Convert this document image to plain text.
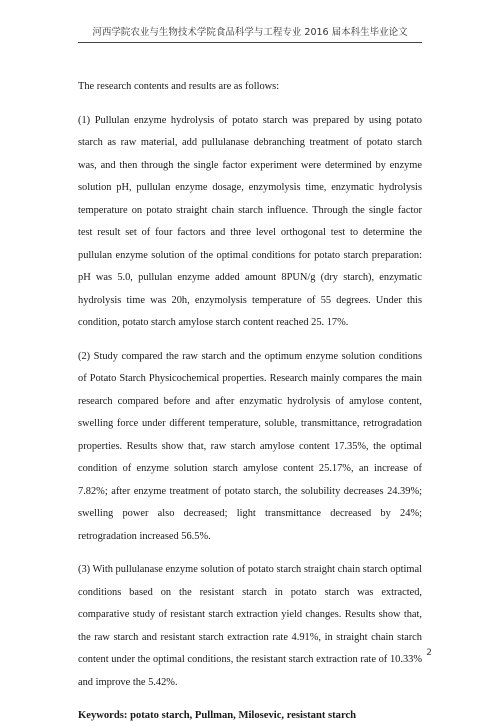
河西学院农业与生物技术学院食品科学与工程专业 2016 届本科生毕业论文

The research contents and results are as follows:

(1) Pullulan enzyme hydrolysis of potato starch was prepared by using potato starch as raw material, add pullulanase debranching treatment of potato starch was, and then through the single factor experiment were determined by enzyme solution pH, pullulan enzyme dosage, enzymolysis time, enzymatic hydrolysis temperature on potato straight chain starch influence. Through the single factor test result set of four factors and three level orthogonal test to determine the pullulan enzyme solution of the optimal conditions for potato starch preparation: pH was 5.0, pullulan enzyme added amount 8PUN/g (dry starch), enzymatic hydrolysis time was 20h, enzymolysis temperature of 55 degrees. Under this condition, potato starch amylose starch content reached 25. 17%.

(2) Study compared the raw starch and the optimum enzyme solution conditions of Potato Starch Physicochemical properties. Research mainly compares the main research compared before and after enzymatic hydrolysis of amylose content, swelling force under different temperature, soluble, transmittance, retrogradation properties. Results show that, raw starch amylose content 17.35%, the optimal condition of enzyme solution starch amylose content 25.17%, an increase of 7.82%; after enzyme treatment of potato starch, the solubility decreases 24.39%; swelling power also decreased; light transmittance decreased by 24%; retrogradation increased 56.5%.

(3) With pullulanase enzyme solution of potato starch straight chain starch optimal conditions based on the resistant starch in potato starch was extracted, comparative study of resistant starch extraction yield changes. Results show that, the raw starch and resistant starch extraction rate 4.91%, in straight chain starch content under the optimal conditions, the resistant starch extraction rate of 10.33% and improve the 5.42%.

Keywords: potato starch, Pullman, Milosevic, resistant starch

2
